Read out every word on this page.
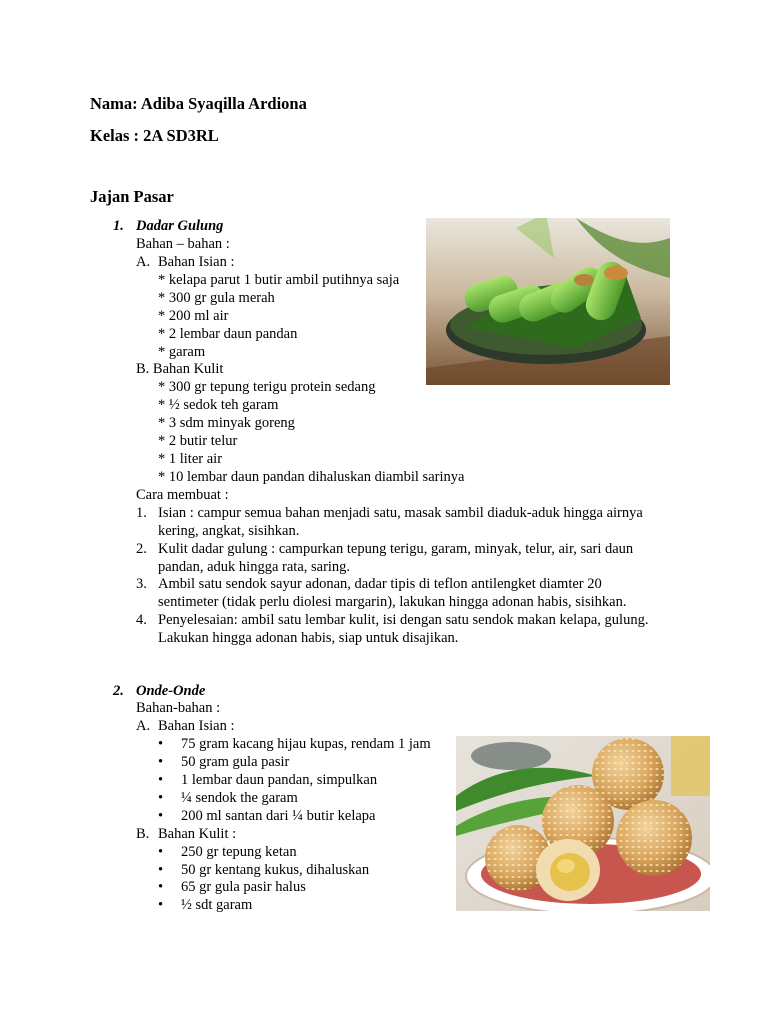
Nama: Adiba Syaqilla Ardiona
Kelas : 2A SD3RL
Jajan Pasar
1. Dadar Gulung
Bahan – bahan :
A. Bahan Isian :
* kelapa parut 1 butir ambil putihnya saja
* 300 gr gula merah
* 200 ml air
* 2 lembar daun pandan
* garam
B. Bahan Kulit
* 300 gr tepung terigu protein sedang
* ½ sedok teh garam
* 3 sdm minyak goreng
* 2 butir telur
* 1 liter air
* 10 lembar daun pandan dihaluskan diambil sarinya
Cara membuat :
1. Isian : campur semua bahan menjadi satu, masak sambil diaduk-aduk hingga airnya
kering, angkat, sisihkan.
2. Kulit dadar gulung : campurkan tepung terigu, garam, minyak, telur, air, sari daun
pandan, aduk hingga rata, saring.
3. Ambil satu sendok sayur adonan, dadar tipis di teflon antilengket diamter 20
sentimeter (tidak perlu diolesi margarin), lakukan hingga adonan habis, sisihkan.
4. Penyelesaian: ambil satu lembar kulit, isi dengan satu sendok makan kelapa, gulung.
Lakukan hingga adonan habis, siap untuk disajikan.
2. Onde-Onde
Bahan-bahan :
A. Bahan Isian :
• 75 gram kacang hijau kupas, rendam 1 jam
• 50 gram gula pasir
• 1 lembar daun pandan, simpulkan
• ¼ sendok the garam
• 200 ml santan dari ¼ butir kelapa
B. Bahan Kulit :
• 250 gr tepung ketan
• 50 gr kentang kukus, dihaluskan
• 65 gr gula pasir halus
• ½ sdt garam
